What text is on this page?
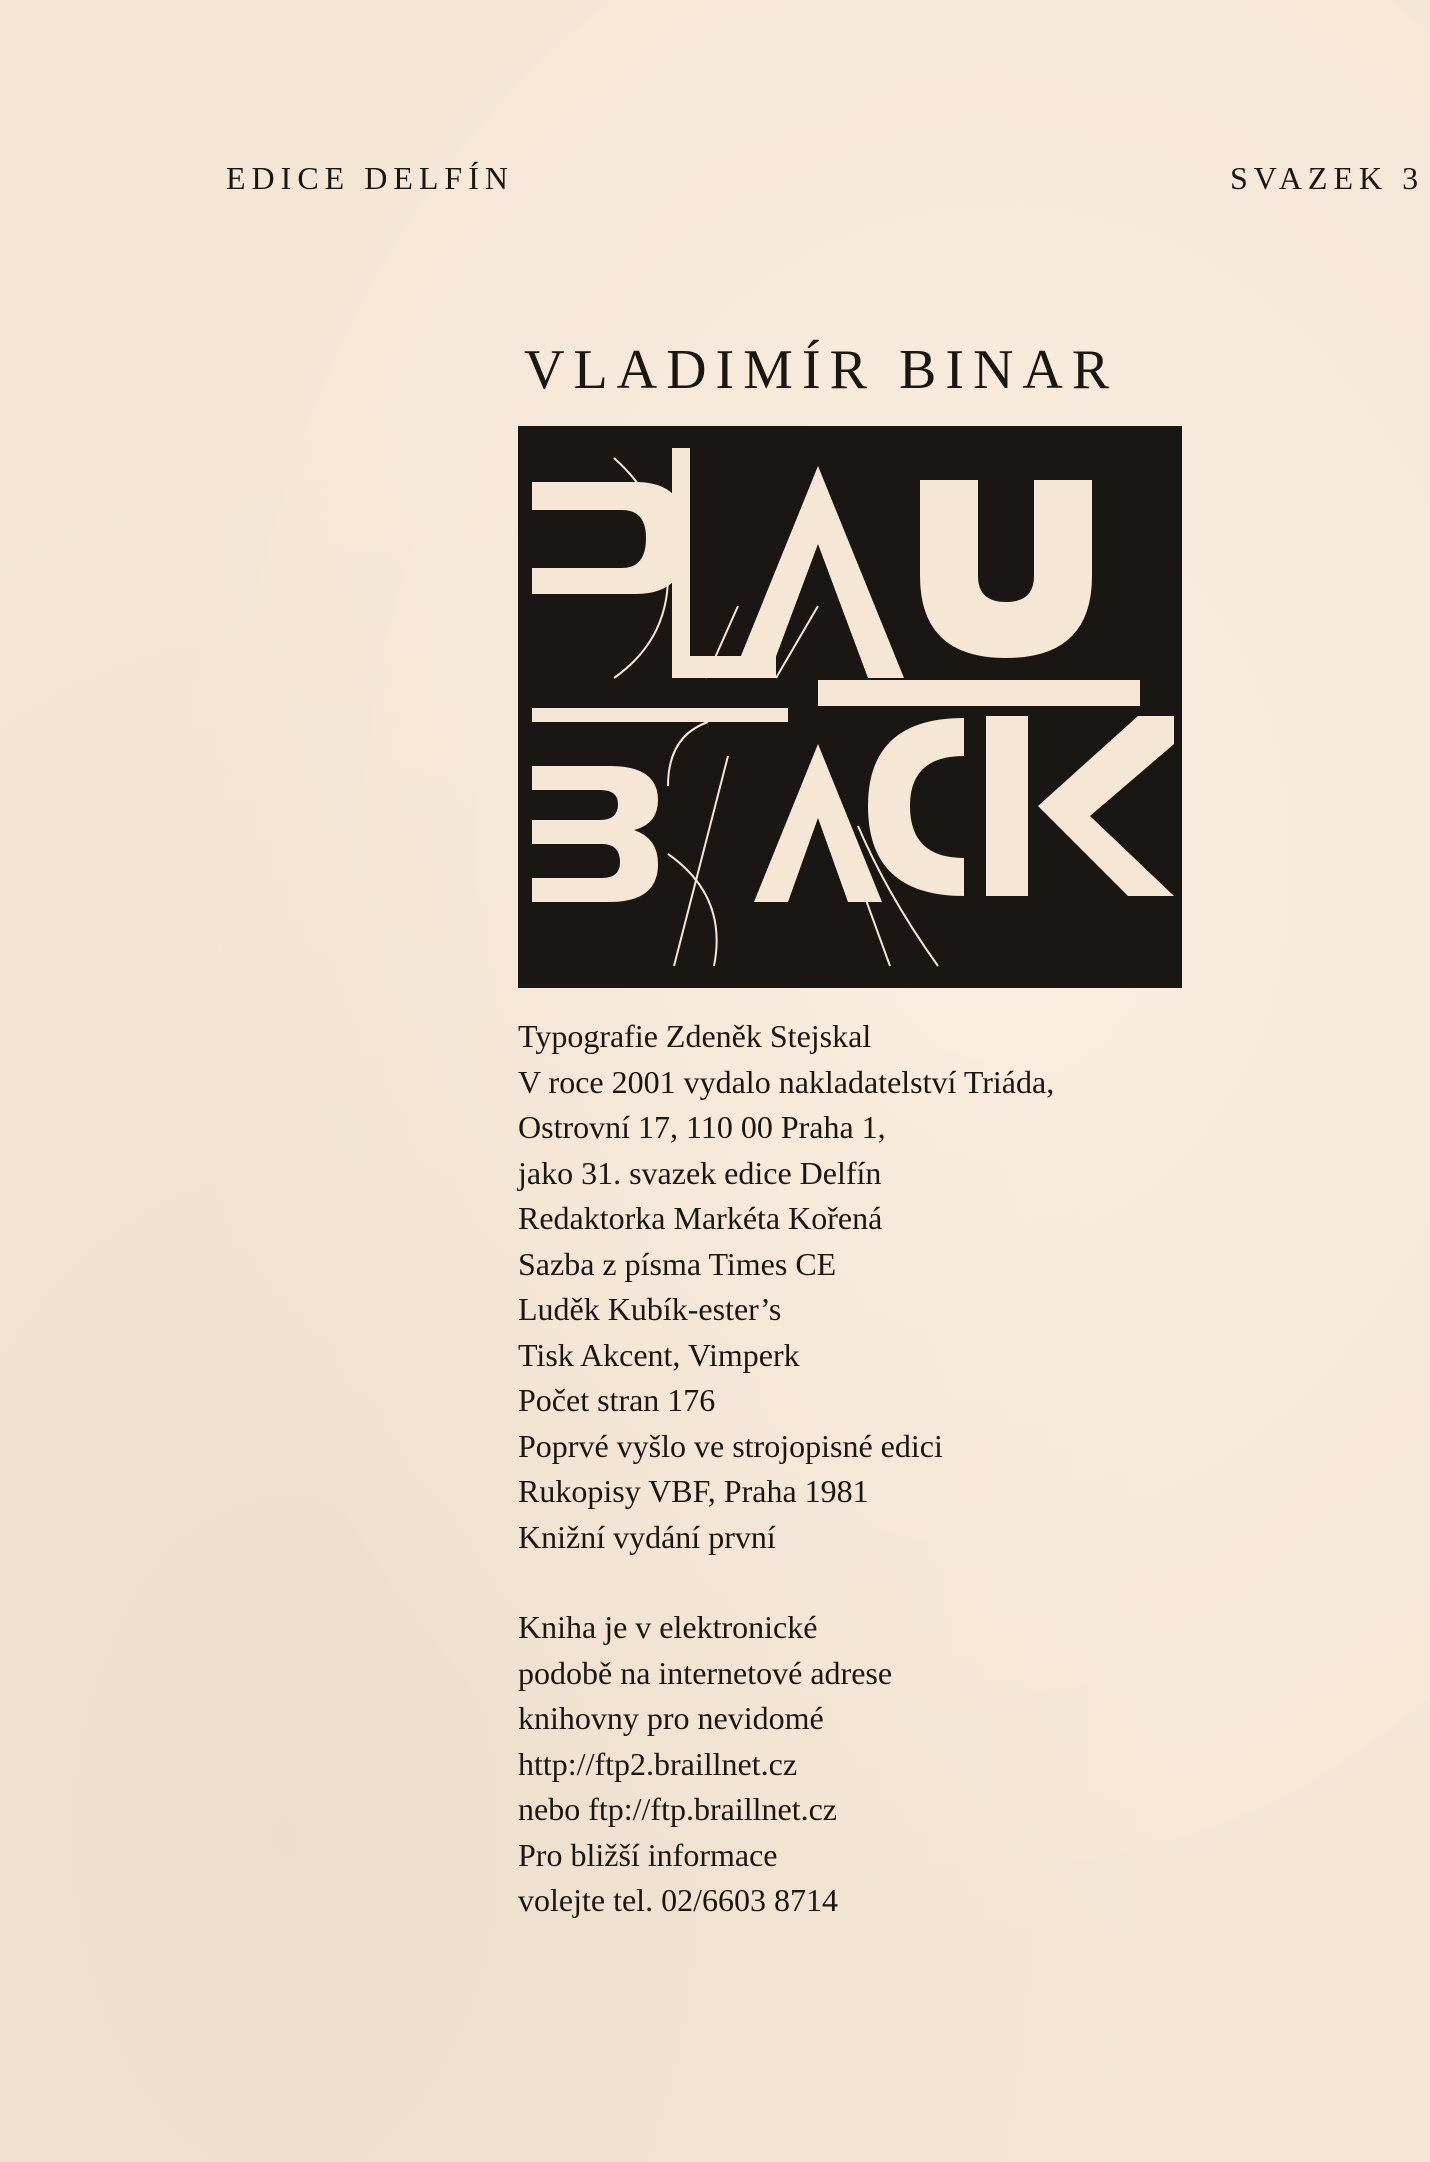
EDICE DELFÍN	SVAZEK 3
VLADIMÍR BINAR
Typografie Zdeněk Stejskal
V roce 2001 vydalo nakladatelství Triáda,
Ostrovní 17, 110 00 Praha 1,
jako 31. svazek edice Delfín
Redaktorka Markéta Kořená
Sazba z písma Times CE
Luděk Kubík-ester’s
Tisk Akcent, Vimperk
Počet stran 176
Poprvé vyšlo ve strojopisné edici
Rukopisy VBF, Praha 1981
Knižní vydání první
Kniha je v elektronické
podobě na internetové adrese
knihovny pro nevidomé
http://ftp2.braillnet.cz
nebo ftp://ftp.braillnet.cz
Pro bližší informace
volejte tel. 02/6603 8714
